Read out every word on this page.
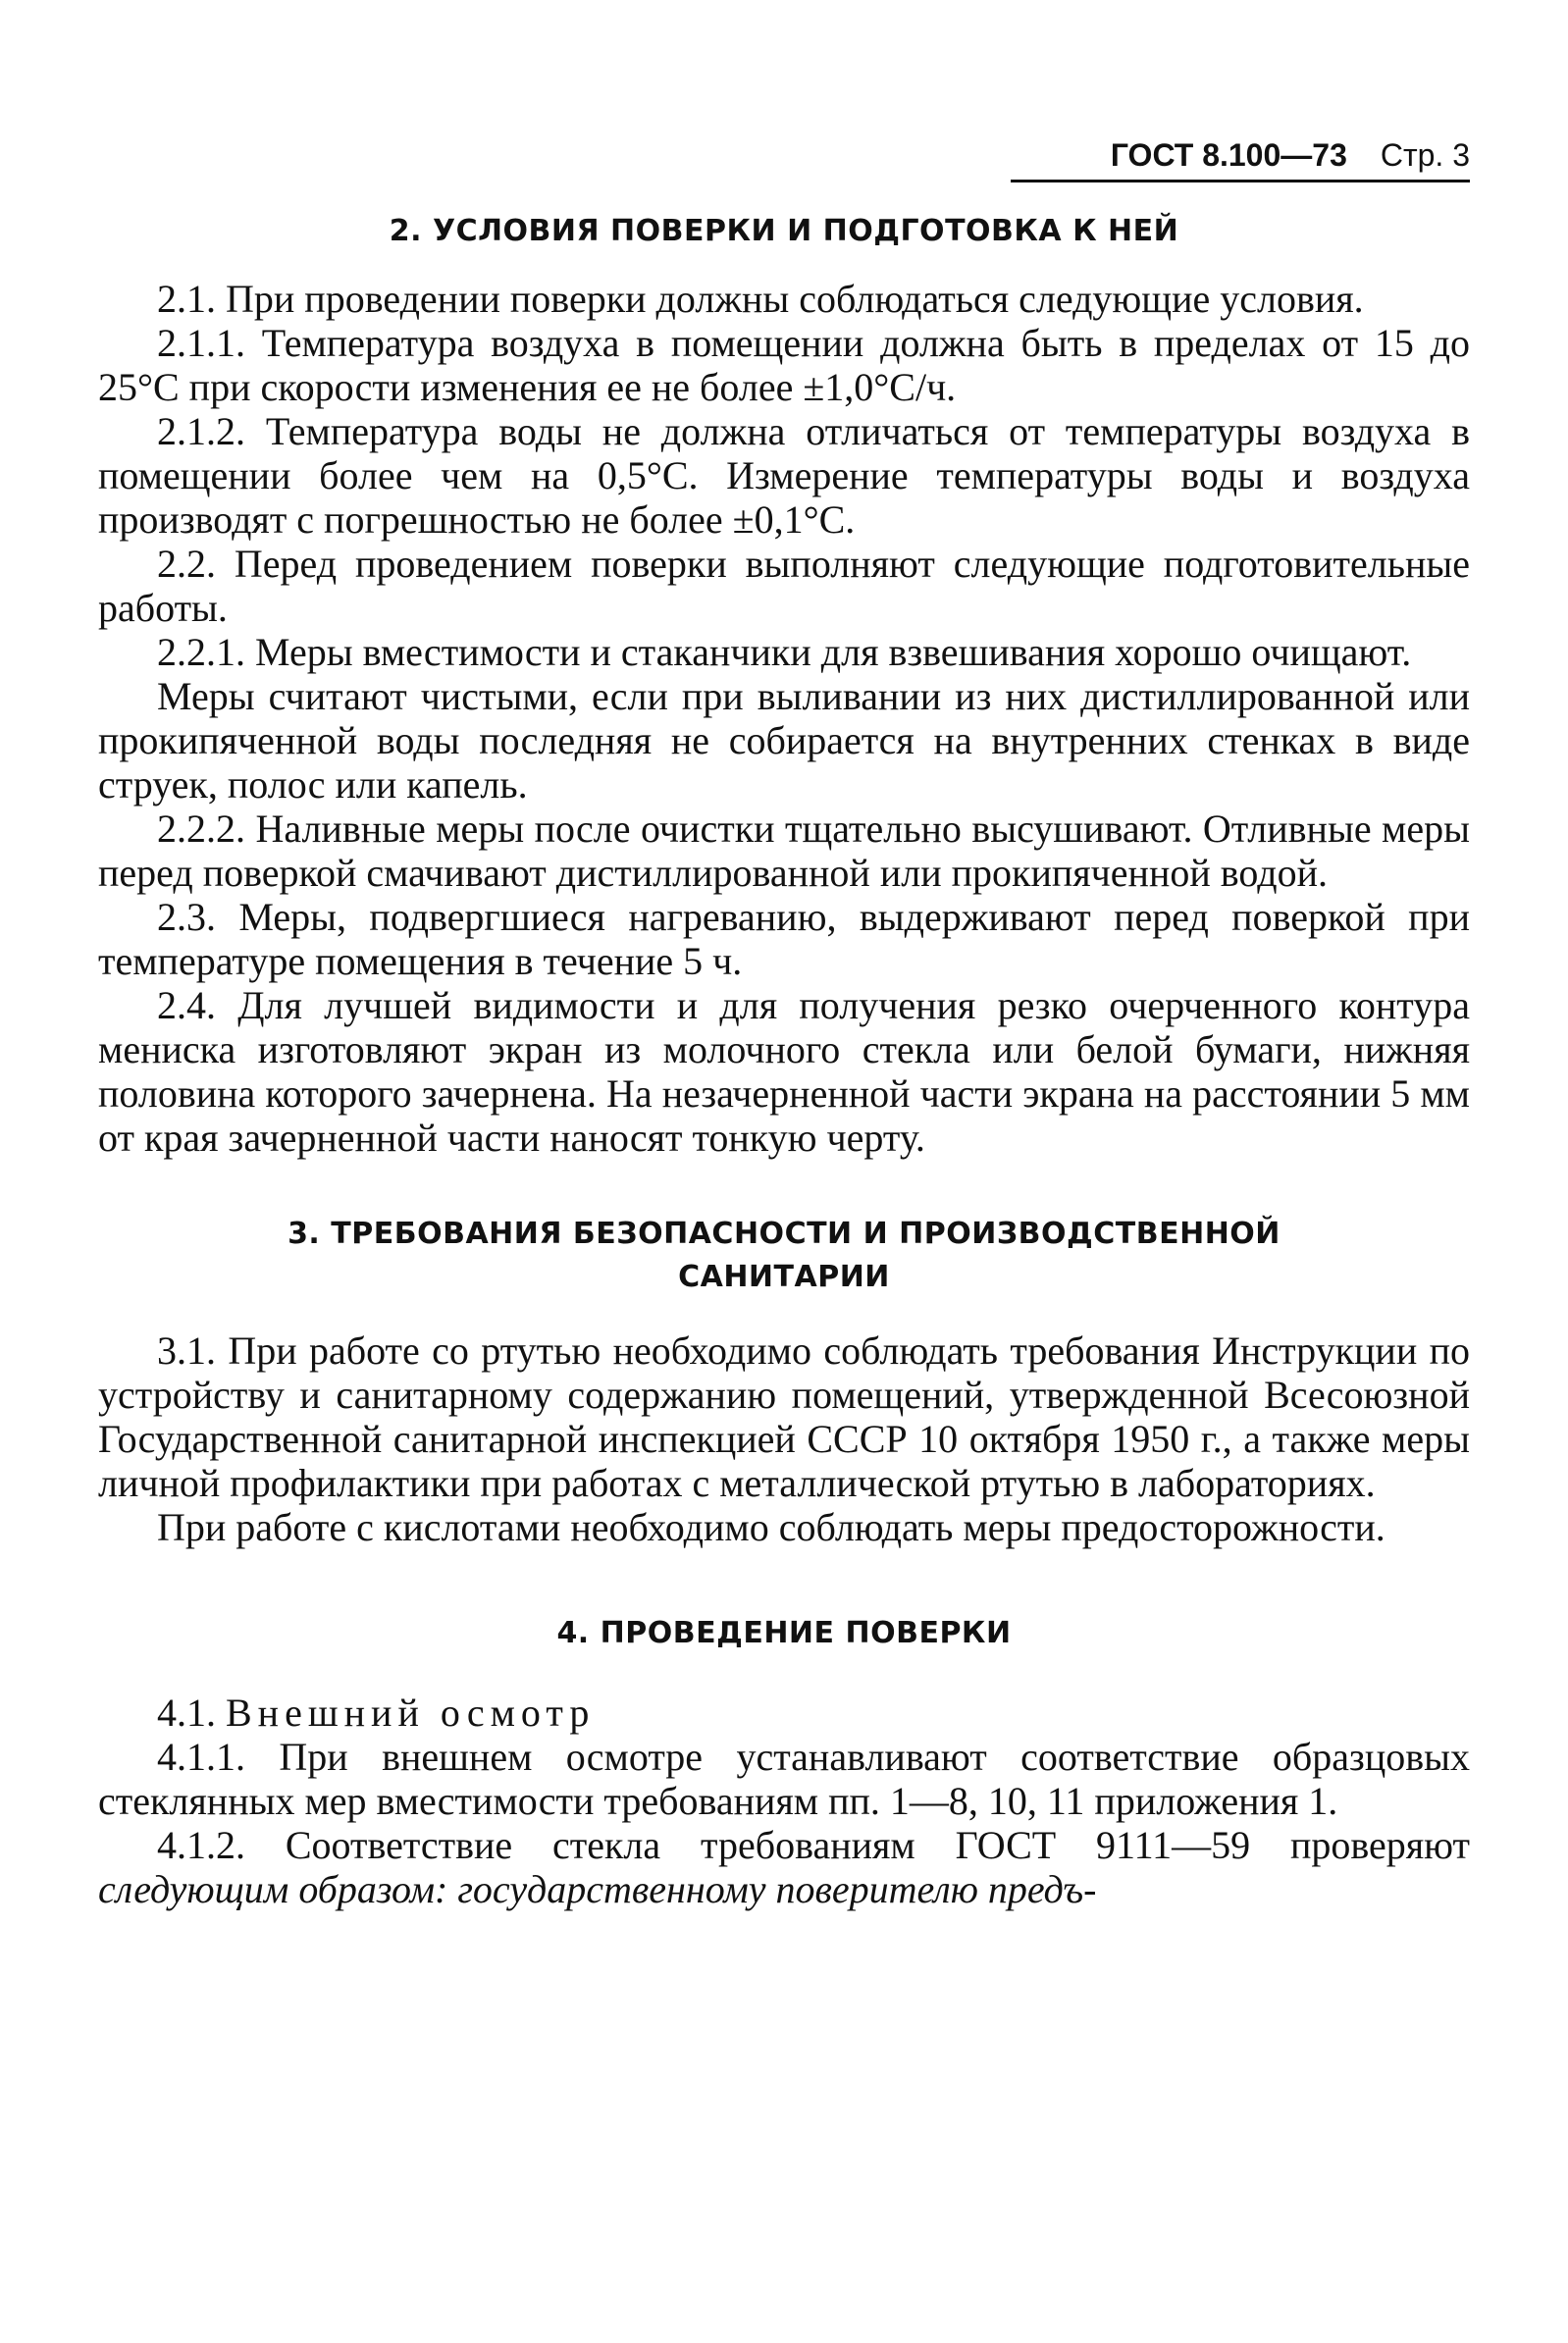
ГОСТ 8.100—73 Стр. 3
2. УСЛОВИЯ ПОВЕРКИ И ПОДГОТОВКА К НЕЙ

2.1. При проведении поверки должны соблюдаться следующие условия.

2.1.1. Температура воздуха в помещении должна быть в пределах от 15 до 25°С при скорости изменения ее не более ±1,0°С/ч.

2.1.2. Температура воды не должна отличаться от температуры воздуха в помещении более чем на 0,5°С. Измерение температуры воды и воздуха производят с погрешностью не более ±0,1°С.

2.2. Перед проведением поверки выполняют следующие подготовительные работы.

2.2.1. Меры вместимости и стаканчики для взвешивания хорошо очищают.

Меры считают чистыми, если при выливании из них дистиллированной или прокипяченной воды последняя не собирается на внутренних стенках в виде струек, полос или капель.

2.2.2. Наливные меры после очистки тщательно высушивают. Отливные меры перед поверкой смачивают дистиллированной или прокипяченной водой.

2.3. Меры, подвергшиеся нагреванию, выдерживают перед поверкой при температуре помещения в течение 5 ч.

2.4. Для лучшей видимости и для получения резко очерченного контура мениска изготовляют экран из молочного стекла или белой бумаги, нижняя половина которого зачернена. На незачерненной части экрана на расстоянии 5 мм от края зачерненной части наносят тонкую черту.

3. ТРЕБОВАНИЯ БЕЗОПАСНОСТИ И ПРОИЗВОДСТВЕННОЙ
САНИТАРИИ

3.1. При работе со ртутью необходимо соблюдать требования Инструкции по устройству и санитарному содержанию помещений, утвержденной Всесоюзной Государственной санитарной инспекцией СССР 10 октября 1950 г., а также меры личной профилактики при работах с металлической ртутью в лабораториях.

При работе с кислотами необходимо соблюдать меры предосторожности.

4. ПРОВЕДЕНИЕ ПОВЕРКИ

4.1. Внешний осмотр

4.1.1. При внешнем осмотре устанавливают соответствие образцовых стеклянных мер вместимости требованиям пп. 1—8, 10, 11 приложения 1.

4.1.2. Соответствие стекла требованиям ГОСТ 9111—59 проверяют следующим образом: государственному поверителю предъ-
